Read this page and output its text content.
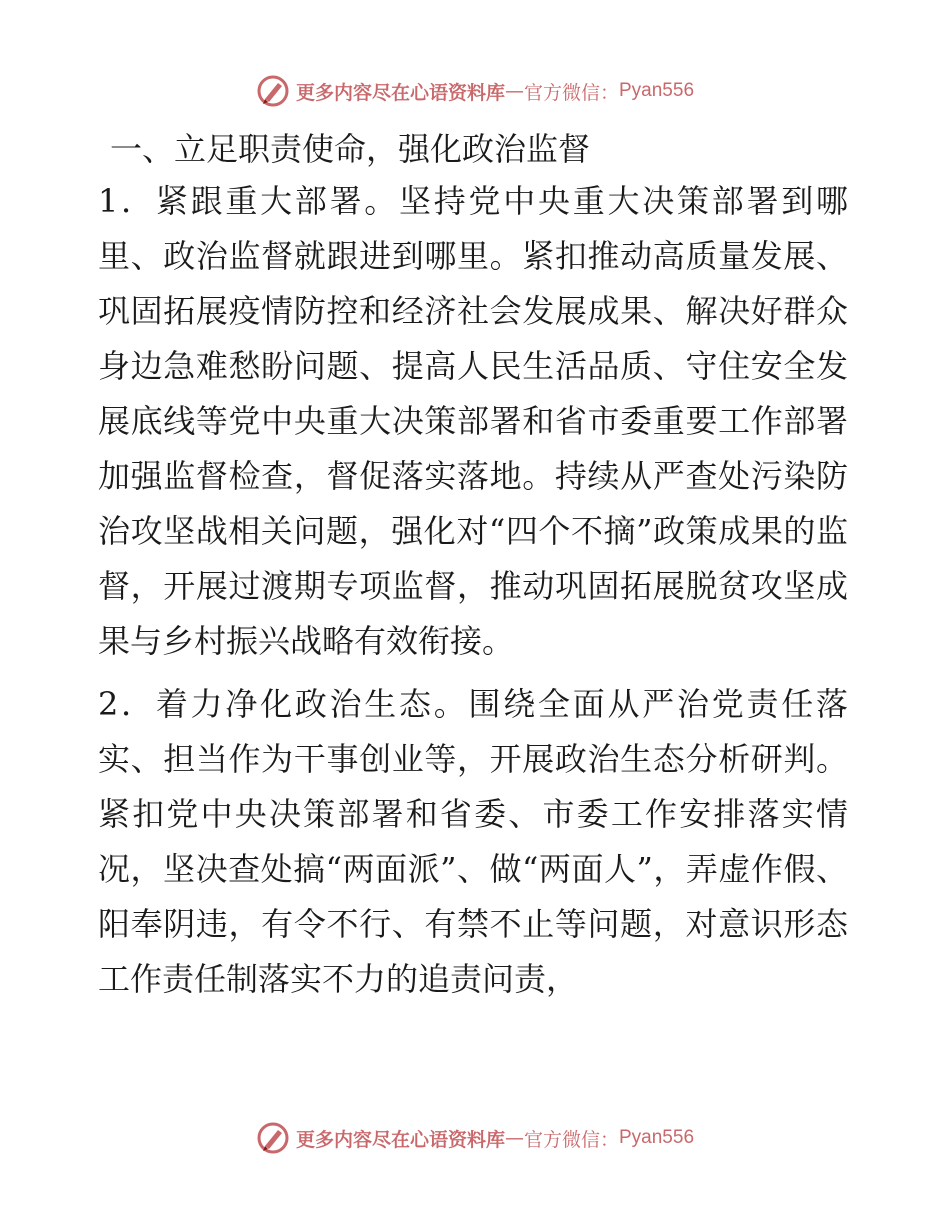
更多内容尽在心语资料库 — 官方微信： Pyan556

一、立足职责使命，强化政治监督

1．紧跟重大部署。坚持党中央重大决策部署到哪里、政治监督就跟进到哪里。紧扣推动高质量发展、巩固拓展疫情防控和经济社会发展成果、解决好群众身边急难愁盼问题、提高人民生活品质、守住安全发展底线等党中央重大决策部署和省市委重要工作部署加强监督检查，督促落实落地。持续从严查处污染防治攻坚战相关问题，强化对“四个不摘”政策成果的监督，开展过渡期专项监督，推动巩固拓展脱贫攻坚成果与乡村振兴战略有效衔接。

2．着力净化政治生态。围绕全面从严治党责任落实、担当作为干事创业等，开展政治生态分析研判。紧扣党中央决策部署和省委、市委工作安排落实情况，坚决查处搞“两面派”、做“两面人”，弄虚作假、阳奉阴违，有令不行、有禁不止等问题，对意识形态工作责任制落实不力的追责问责，

更多内容尽在心语资料库 — 官方微信： Pyan556
